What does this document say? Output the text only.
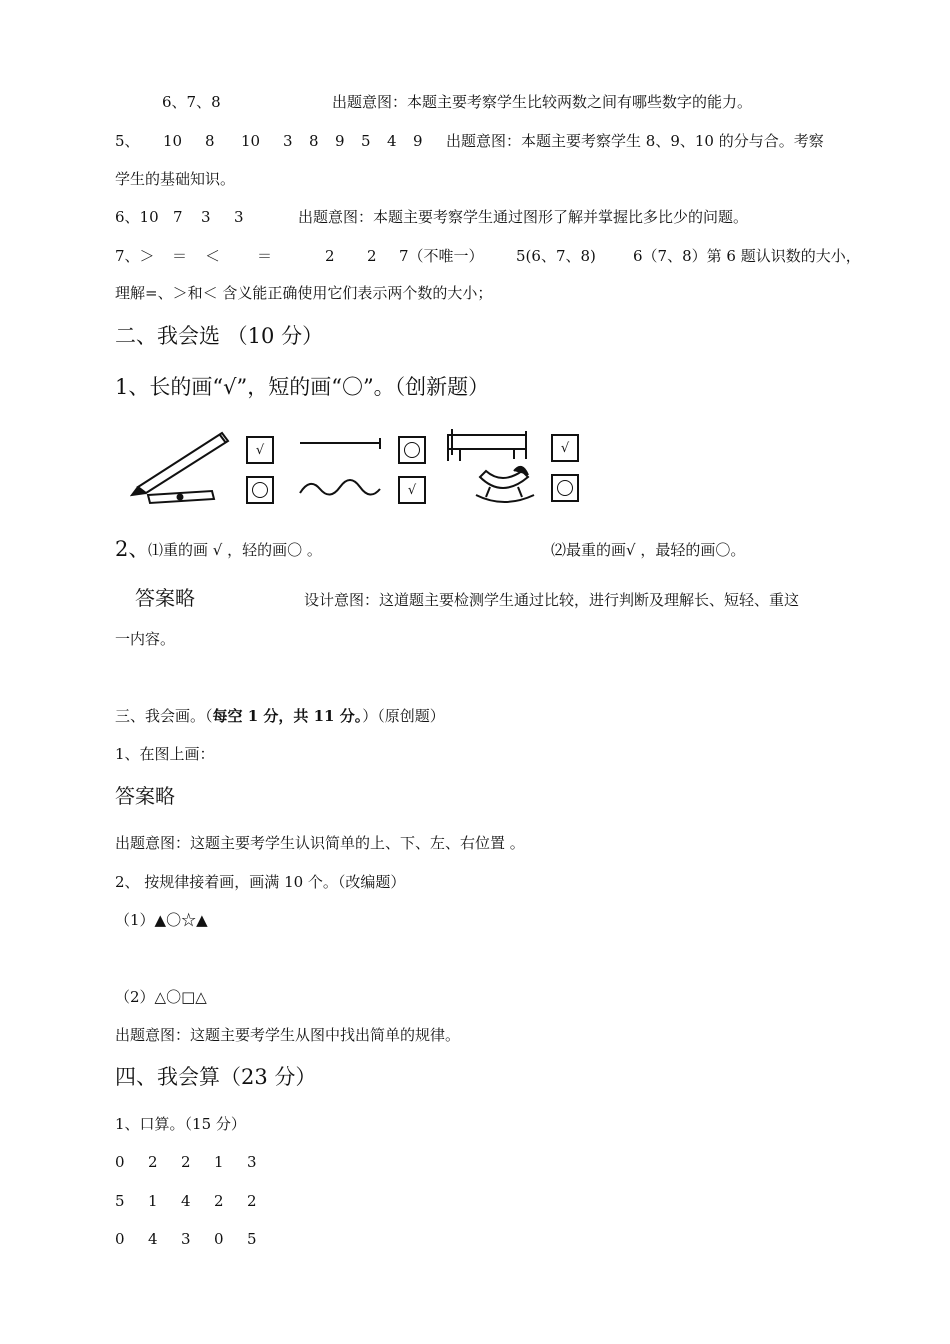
6、7、8	出题意图：本题主要考察学生比较两数之间有哪些数字的能力。
5、 10 8 10 3 8 9 5 4 9	出题意图：本题主要考察学生 8、9、10 的分与合。考察
学生的基础知识。
6、10 7 3 3	出题意图：本题主要考察学生通过图形了解并掌握比多比少的问题。
7、＞ ＝ ＜ ＝	2 2 7（不唯一） 5(6、7、8) 6（7、8）第 6 题认识数的大小，
理解=、＞和＜ 含义能正确使用它们表示两个数的大小；
二、我会选 （10 分）
1、长的画“√”，短的画“〇”。（创新题）
√
√
√
2、
⑴重的画 √ ，轻的画〇 。	⑵最重的画√ ，最轻的画〇。
答案略	设计意图：这道题主要检测学生通过比较，进行判断及理解长、短轻、重这
一内容。
三、我会画。（每空 1 分，共 11 分。）（原创题）
1、在图上画：
答案略
出题意图：这题主要考学生认识简单的上、下、左、右位置 。
2、 按规律接着画，画满 10 个。（改编题）
（1）▲〇☆▲
（2）△〇□△
出题意图：这题主要考学生从图中找出简单的规律。
四、我会算（23 分）
1、口算。（15 分）
0 2 2 1 3
5 1 4 2 2
0 4 3 0 5
